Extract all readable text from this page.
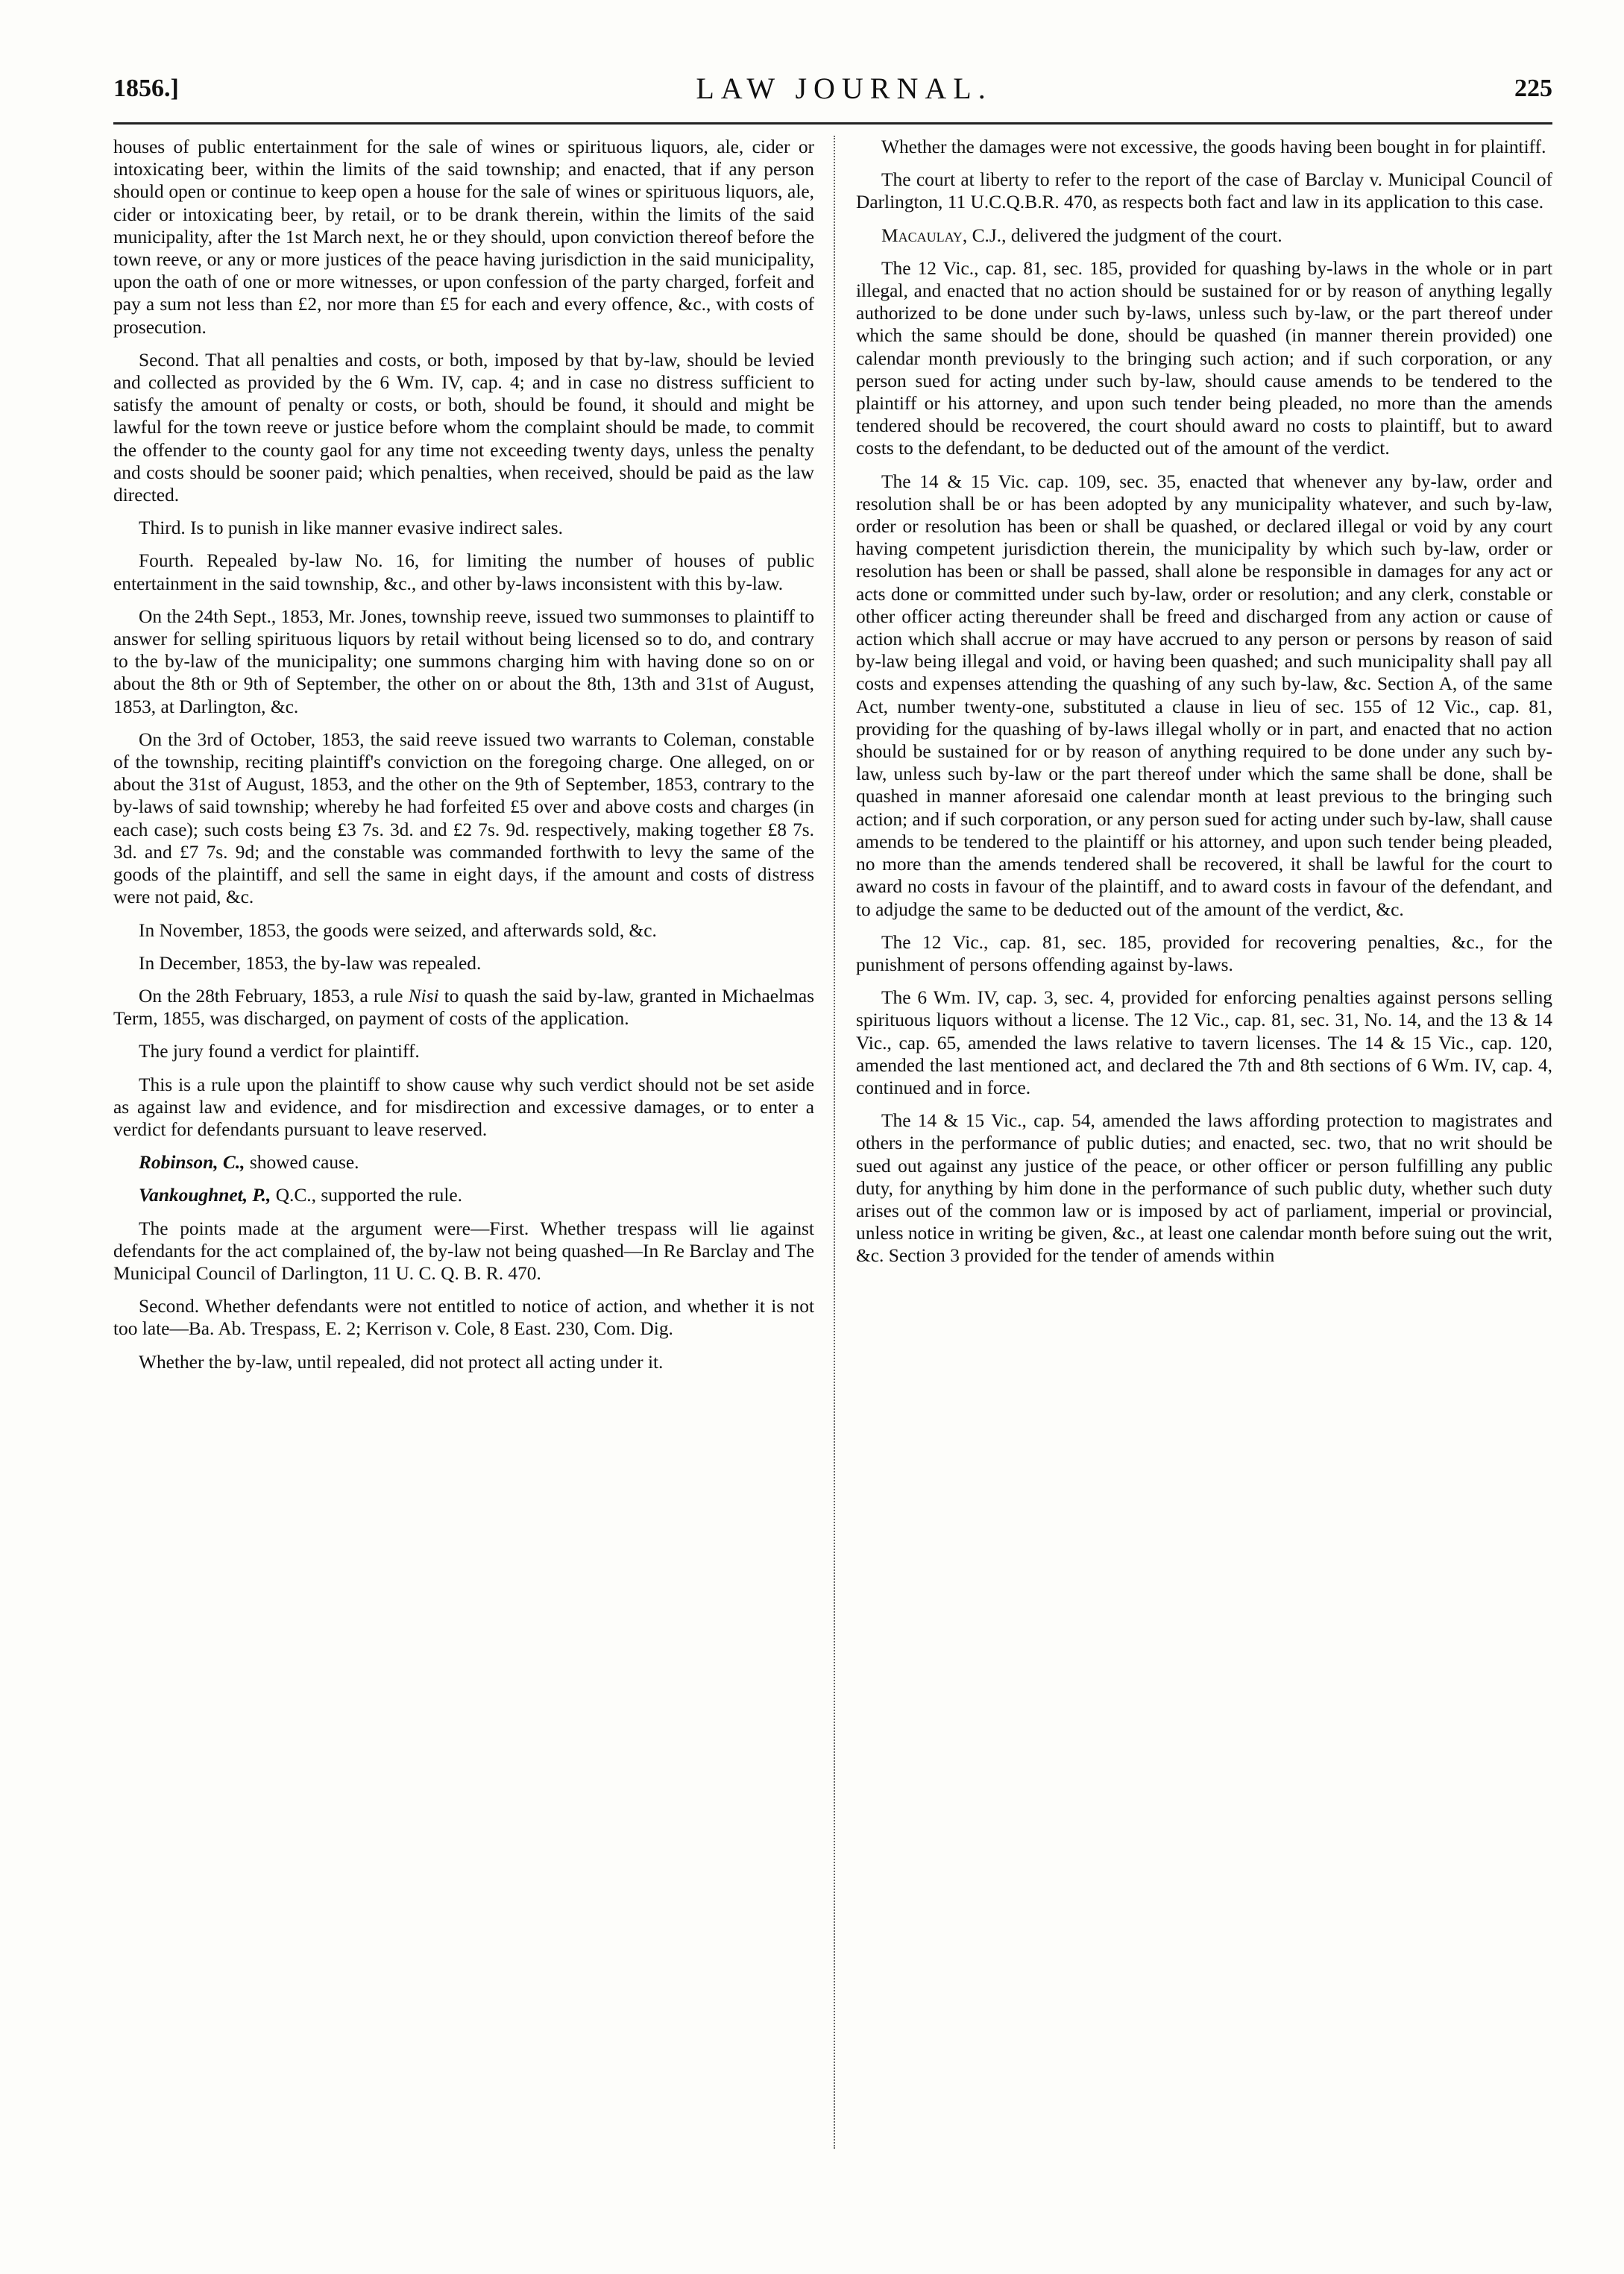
1856.]	LAW JOURNAL.	225

houses of public entertainment for the sale of wines or spirituous liquors, ale, cider or intoxicating beer, within the limits of the said township; and enacted, that if any person should open or continue to keep open a house for the sale of wines or spirituous liquors, ale, cider or intoxicating beer, by retail, or to be drank therein, within the limits of the said municipality, after the 1st March next, he or they should, upon conviction thereof before the town reeve, or any or more justices of the peace having jurisdiction in the said municipality, upon the oath of one or more witnesses, or upon confession of the party charged, forfeit and pay a sum not less than £2, nor more than £5 for each and every offence, &c., with costs of prosecution.

Second. That all penalties and costs, or both, imposed by that by-law, should be levied and collected as provided by the 6 Wm. IV, cap. 4; and in case no distress sufficient to satisfy the amount of penalty or costs, or both, should be found, it should and might be lawful for the town reeve or justice before whom the complaint should be made, to commit the offender to the county gaol for any time not exceeding twenty days, unless the penalty and costs should be sooner paid; which penalties, when received, should be paid as the law directed.

Third. Is to punish in like manner evasive indirect sales.

Fourth. Repealed by-law No. 16, for limiting the number of houses of public entertainment in the said township, &c., and other by-laws inconsistent with this by-law.

On the 24th Sept., 1853, Mr. Jones, township reeve, issued two summonses to plaintiff to answer for selling spirituous liquors by retail without being licensed so to do, and contrary to the by-law of the municipality; one summons charging him with having done so on or about the 8th or 9th of September, the other on or about the 8th, 13th and 31st of August, 1853, at Darlington, &c.

On the 3rd of October, 1853, the said reeve issued two warrants to Coleman, constable of the township, reciting plaintiff's conviction on the foregoing charge. One alleged, on or about the 31st of August, 1853, and the other on the 9th of September, 1853, contrary to the by-laws of said township; whereby he had forfeited £5 over and above costs and charges (in each case); such costs being £3 7s. 3d. and £2 7s. 9d. respectively, making together £8 7s. 3d. and £7 7s. 9d; and the constable was commanded forthwith to levy the same of the goods of the plaintiff, and sell the same in eight days, if the amount and costs of distress were not paid, &c.

In November, 1853, the goods were seized, and afterwards sold, &c.

In December, 1853, the by-law was repealed.

On the 28th February, 1853, a rule Nisi to quash the said by-law, granted in Michaelmas Term, 1855, was discharged, on payment of costs of the application.

The jury found a verdict for plaintiff.

This is a rule upon the plaintiff to show cause why such verdict should not be set aside as against law and evidence, and for misdirection and excessive damages, or to enter a verdict for defendants pursuant to leave reserved.

Robinson, C., showed cause.

Vankoughnet, P., Q.C., supported the rule.

The points made at the argument were—First. Whether trespass will lie against defendants for the act complained of, the by-law not being quashed—In Re Barclay and The Municipal Council of Darlington, 11 U. C. Q. B. R. 470.

Second. Whether defendants were not entitled to notice of action, and whether it is not too late—Ba. Ab. Trespass, E. 2; Kerrison v. Cole, 8 East. 230, Com. Dig.

Whether the by-law, until repealed, did not protect all acting under it.

Whether the damages were not excessive, the goods having been bought in for plaintiff.

The court at liberty to refer to the report of the case of Barclay v. Municipal Council of Darlington, 11 U.C.Q.B.R. 470, as respects both fact and law in its application to this case.

Macaulay, C.J., delivered the judgment of the court.

The 12 Vic., cap. 81, sec. 185, provided for quashing by-laws in the whole or in part illegal, and enacted that no action should be sustained for or by reason of anything legally authorized to be done under such by-laws, unless such by-law, or the part thereof under which the same should be done, should be quashed (in manner therein provided) one calendar month previously to the bringing such action; and if such corporation, or any person sued for acting under such by-law, should cause amends to be tendered to the plaintiff or his attorney, and upon such tender being pleaded, no more than the amends tendered should be recovered, the court should award no costs to plaintiff, but to award costs to the defendant, to be deducted out of the amount of the verdict.

The 14 & 15 Vic. cap. 109, sec. 35, enacted that whenever any by-law, order and resolution shall be or has been adopted by any municipality whatever, and such by-law, order or resolution has been or shall be quashed, or declared illegal or void by any court having competent jurisdiction therein, the municipality by which such by-law, order or resolution has been or shall be passed, shall alone be responsible in damages for any act or acts done or committed under such by-law, order or resolution; and any clerk, constable or other officer acting thereunder shall be freed and discharged from any action or cause of action which shall accrue or may have accrued to any person or persons by reason of said by-law being illegal and void, or having been quashed; and such municipality shall pay all costs and expenses attending the quashing of any such by-law, &c. Section A, of the same Act, number twenty-one, substituted a clause in lieu of sec. 155 of 12 Vic., cap. 81, providing for the quashing of by-laws illegal wholly or in part, and enacted that no action should be sustained for or by reason of anything required to be done under any such by-law, unless such by-law or the part thereof under which the same shall be done, shall be quashed in manner aforesaid one calendar month at least previous to the bringing such action; and if such corporation, or any person sued for acting under such by-law, shall cause amends to be tendered to the plaintiff or his attorney, and upon such tender being pleaded, no more than the amends tendered shall be recovered, it shall be lawful for the court to award no costs in favour of the plaintiff, and to award costs in favour of the defendant, and to adjudge the same to be deducted out of the amount of the verdict, &c.

The 12 Vic., cap. 81, sec. 185, provided for recovering penalties, &c., for the punishment of persons offending against by-laws.

The 6 Wm. IV, cap. 3, sec. 4, provided for enforcing penalties against persons selling spirituous liquors without a license. The 12 Vic., cap. 81, sec. 31, No. 14, and the 13 & 14 Vic., cap. 65, amended the laws relative to tavern licenses. The 14 & 15 Vic., cap. 120, amended the last mentioned act, and declared the 7th and 8th sections of 6 Wm. IV, cap. 4, continued and in force.

The 14 & 15 Vic., cap. 54, amended the laws affording protection to magistrates and others in the performance of public duties; and enacted, sec. two, that no writ should be sued out against any justice of the peace, or other officer or person fulfilling any public duty, for anything by him done in the performance of such public duty, whether such duty arises out of the common law or is imposed by act of parliament, imperial or provincial, unless notice in writing be given, &c., at least one calendar month before suing out the writ, &c. Section 3 provided for the tender of amends within
